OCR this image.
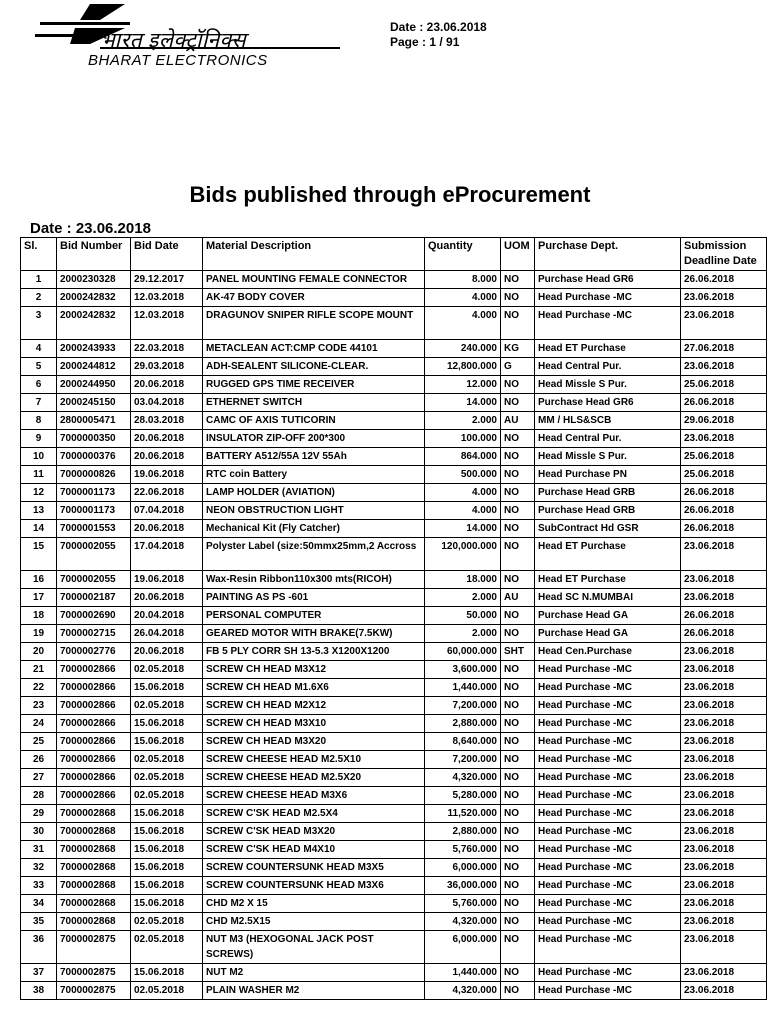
भारत इलेक्ट्रॉनिक्स
BHARAT ELECTRONICS
Date : 23.06.2018
Page : 1 / 91
Bids published through eProcurement
Date : 23.06.2018
Sl.	Bid Number	Bid Date	Material Description	Quantity	UOM	Purchase Dept.	Submission Deadline Date

1	2000230328	29.12.2017	PANEL MOUNTING FEMALE CONNECTOR	8.000	NO	Purchase Head GR6	26.06.2018
2	2000242832	12.03.2018	AK-47 BODY COVER	4.000	NO	Head Purchase -MC	23.06.2018
3	2000242832	12.03.2018	DRAGUNOV SNIPER RIFLE SCOPE MOUNT	4.000	NO	Head Purchase -MC	23.06.2018
4	2000243933	22.03.2018	METACLEAN ACT:CMP CODE 44101	240.000	KG	Head ET Purchase	27.06.2018
5	2000244812	29.03.2018	ADH-SEALENT SILICONE-CLEAR.	12,800.000	G	Head Central Pur.	23.06.2018
6	2000244950	20.06.2018	RUGGED GPS TIME RECEIVER	12.000	NO	Head Missle S Pur.	25.06.2018
7	2000245150	03.04.2018	ETHERNET SWITCH	14.000	NO	Purchase Head GR6	26.06.2018
8	2800005471	28.03.2018	CAMC OF AXIS TUTICORIN	2.000	AU	MM / HLS&SCB	29.06.2018
9	7000000350	20.06.2018	INSULATOR ZIP-OFF 200*300	100.000	NO	Head Central Pur.	23.06.2018
10	7000000376	20.06.2018	BATTERY A512/55A 12V 55Ah	864.000	NO	Head Missle S Pur.	25.06.2018
11	7000000826	19.06.2018	RTC coin Battery	500.000	NO	Head Purchase PN	25.06.2018
12	7000001173	22.06.2018	LAMP HOLDER (AVIATION)	4.000	NO	Purchase Head GRB	26.06.2018
13	7000001173	07.04.2018	NEON OBSTRUCTION LIGHT	4.000	NO	Purchase Head GRB	26.06.2018
14	7000001553	20.06.2018	Mechanical Kit (Fly Catcher)	14.000	NO	SubContract Hd GSR	26.06.2018
15	7000002055	17.04.2018	Polyster Label (size:50mmx25mm,2 Accross	120,000.000	NO	Head ET Purchase	23.06.2018
16	7000002055	19.06.2018	Wax-Resin Ribbon110x300 mts(RICOH)	18.000	NO	Head ET Purchase	23.06.2018
17	7000002187	20.06.2018	PAINTING AS PS -601	2.000	AU	Head SC N.MUMBAI	23.06.2018
18	7000002690	20.04.2018	PERSONAL COMPUTER	50.000	NO	Purchase Head GA	26.06.2018
19	7000002715	26.04.2018	GEARED MOTOR WITH BRAKE(7.5KW)	2.000	NO	Purchase Head GA	26.06.2018
20	7000002776	20.06.2018	FB 5 PLY CORR SH 13-5.3 X1200X1200	60,000.000	SHT	Head Cen.Purchase	23.06.2018
21	7000002866	02.05.2018	SCREW CH HEAD M3X12	3,600.000	NO	Head Purchase -MC	23.06.2018
22	7000002866	15.06.2018	SCREW CH HEAD M1.6X6	1,440.000	NO	Head Purchase -MC	23.06.2018
23	7000002866	02.05.2018	SCREW CH HEAD M2X12	7,200.000	NO	Head Purchase -MC	23.06.2018
24	7000002866	15.06.2018	SCREW CH HEAD M3X10	2,880.000	NO	Head Purchase -MC	23.06.2018
25	7000002866	15.06.2018	SCREW CH HEAD M3X20	8,640.000	NO	Head Purchase -MC	23.06.2018
26	7000002866	02.05.2018	SCREW CHEESE HEAD M2.5X10	7,200.000	NO	Head Purchase -MC	23.06.2018
27	7000002866	02.05.2018	SCREW CHEESE HEAD M2.5X20	4,320.000	NO	Head Purchase -MC	23.06.2018
28	7000002866	02.05.2018	SCREW CHEESE HEAD M3X6	5,280.000	NO	Head Purchase -MC	23.06.2018
29	7000002868	15.06.2018	SCREW C'SK HEAD M2.5X4	11,520.000	NO	Head Purchase -MC	23.06.2018
30	7000002868	15.06.2018	SCREW C'SK HEAD M3X20	2,880.000	NO	Head Purchase -MC	23.06.2018
31	7000002868	15.06.2018	SCREW C'SK HEAD M4X10	5,760.000	NO	Head Purchase -MC	23.06.2018
32	7000002868	15.06.2018	SCREW COUNTERSUNK HEAD M3X5	6,000.000	NO	Head Purchase -MC	23.06.2018
33	7000002868	15.06.2018	SCREW COUNTERSUNK HEAD M3X6	36,000.000	NO	Head Purchase -MC	23.06.2018
34	7000002868	15.06.2018	CHD M2 X 15	5,760.000	NO	Head Purchase -MC	23.06.2018
35	7000002868	02.05.2018	CHD M2.5X15	4,320.000	NO	Head Purchase -MC	23.06.2018
36	7000002875	02.05.2018	NUT M3 (HEXOGONAL JACK POST SCREWS)	6,000.000	NO	Head Purchase -MC	23.06.2018
37	7000002875	15.06.2018	NUT M2	1,440.000	NO	Head Purchase -MC	23.06.2018
38	7000002875	02.05.2018	PLAIN WASHER M2	4,320.000	NO	Head Purchase -MC	23.06.2018
